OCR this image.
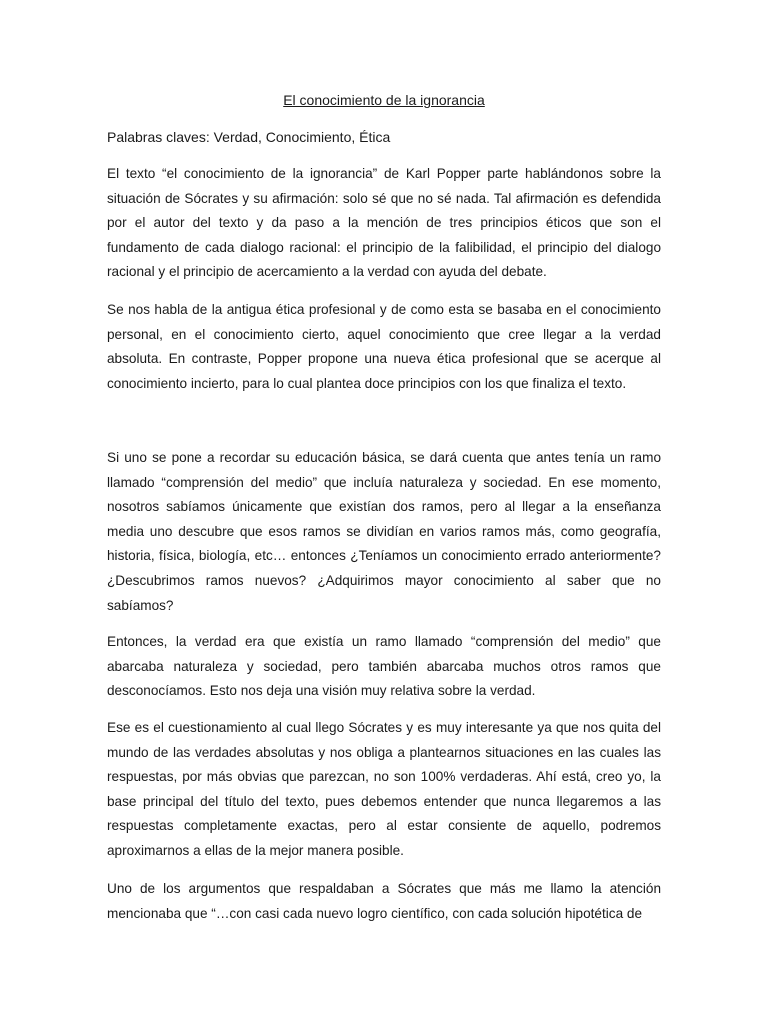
El conocimiento de la ignorancia

Palabras claves: Verdad, Conocimiento, Ética

El texto “el conocimiento de la ignorancia” de Karl Popper parte hablándonos sobre la situación de Sócrates y su afirmación: solo sé que no sé nada. Tal afirmación es defendida por el autor del texto y da paso a la mención de tres principios éticos que son el fundamento de cada dialogo racional: el principio de la falibilidad, el principio del dialogo racional y el principio de acercamiento a la verdad con ayuda del debate.

Se nos habla de la antigua ética profesional y de como esta se basaba en el conocimiento personal, en el conocimiento cierto, aquel conocimiento que cree llegar a la verdad absoluta. En contraste, Popper propone una nueva ética profesional que se acerque al conocimiento incierto, para lo cual plantea doce principios con los que finaliza el texto.

Si uno se pone a recordar su educación básica, se dará cuenta que antes tenía un ramo llamado “comprensión del medio” que incluía naturaleza y sociedad. En ese momento, nosotros sabíamos únicamente que existían dos ramos, pero al llegar a la enseñanza media uno descubre que esos ramos se dividían en varios ramos más, como geografía, historia, física, biología, etc… entonces ¿Teníamos un conocimiento errado anteriormente? ¿Descubrimos ramos nuevos? ¿Adquirimos mayor conocimiento al saber que no sabíamos?

Entonces, la verdad era que existía un ramo llamado “comprensión del medio” que abarcaba naturaleza y sociedad, pero también abarcaba muchos otros ramos que desconocíamos. Esto nos deja una visión muy relativa sobre la verdad.

Ese es el cuestionamiento al cual llego Sócrates y es muy interesante ya que nos quita del mundo de las verdades absolutas y nos obliga a plantearnos situaciones en las cuales las respuestas, por más obvias que parezcan, no son 100% verdaderas. Ahí está, creo yo, la base principal del título del texto, pues debemos entender que nunca llegaremos a las respuestas completamente exactas, pero al estar consiente de aquello, podremos aproximarnos a ellas de la mejor manera posible.

Uno de los argumentos que respaldaban a Sócrates que más me llamo la atención mencionaba que “…con casi cada nuevo logro científico, con cada solución hipotética de
